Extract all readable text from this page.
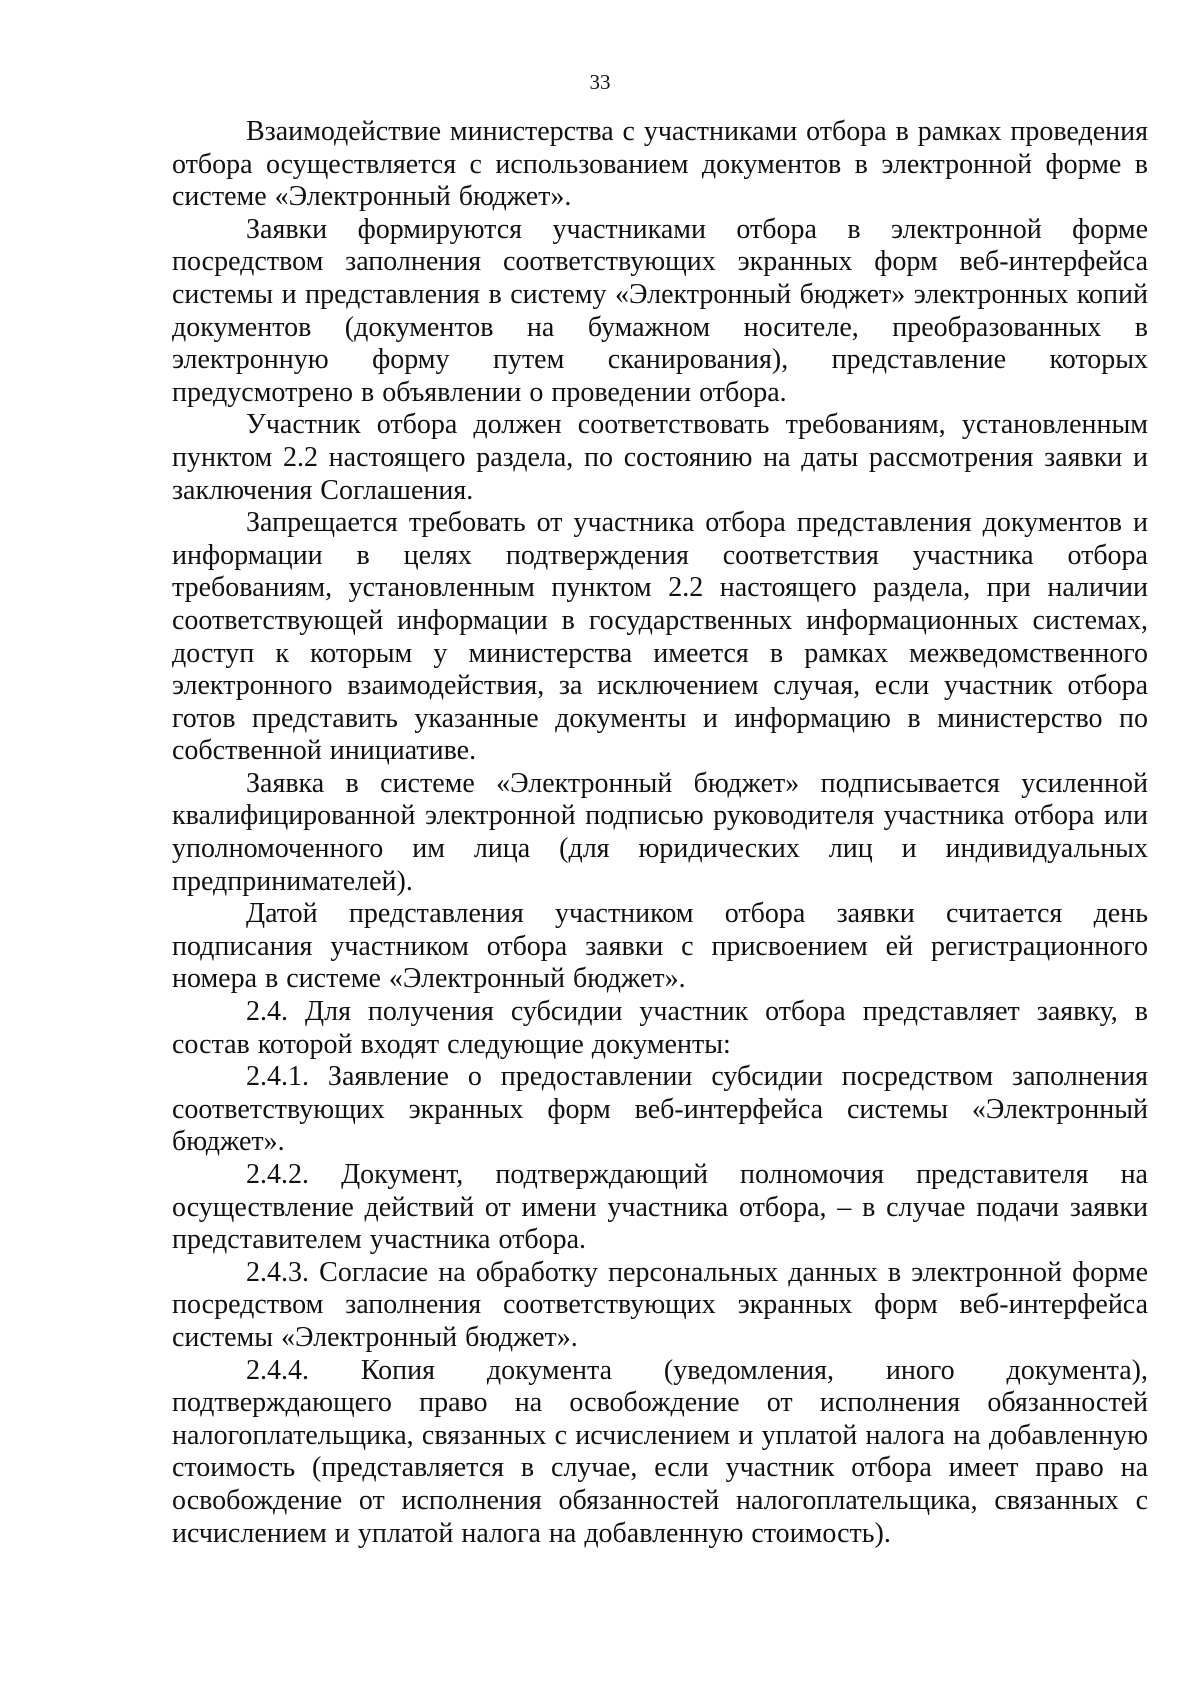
33

Взаимодействие министерства с участниками отбора в рамках проведения отбора осуществляется с использованием документов в электронной форме в системе «Электронный бюджет».

Заявки формируются участниками отбора в электронной форме посредством заполнения соответствующих экранных форм веб-интерфейса системы и представления в систему «Электронный бюджет» электронных копий документов (документов на бумажном носителе, преобразованных в электронную форму путем сканирования), представление которых предусмотрено в объявлении о проведении отбора.

Участник отбора должен соответствовать требованиям, установленным пунктом 2.2 настоящего раздела, по состоянию на даты рассмотрения заявки и заключения Соглашения.

Запрещается требовать от участника отбора представления документов и информации в целях подтверждения соответствия участника отбора требованиям, установленным пунктом 2.2 настоящего раздела, при наличии соответствующей информации в государственных информационных системах, доступ к которым у министерства имеется в рамках межведомственного электронного взаимодействия, за исключением случая, если участник отбора готов представить указанные документы и информацию в министерство по собственной инициативе.

Заявка в системе «Электронный бюджет» подписывается усиленной квалифицированной электронной подписью руководителя участника отбора или уполномоченного им лица (для юридических лиц и индивидуальных предпринимателей).

Датой представления участником отбора заявки считается день подписания участником отбора заявки с присвоением ей регистрационного номера в системе «Электронный бюджет».

2.4. Для получения субсидии участник отбора представляет заявку, в состав которой входят следующие документы:

2.4.1. Заявление о предоставлении субсидии посредством заполнения соответствующих экранных форм веб-интерфейса системы «Электронный бюджет».

2.4.2. Документ, подтверждающий полномочия представителя на осуществление действий от имени участника отбора, – в случае подачи заявки представителем участника отбора.

2.4.3. Согласие на обработку персональных данных в электронной форме посредством заполнения соответствующих экранных форм веб-интерфейса системы «Электронный бюджет».

2.4.4. Копия документа (уведомления, иного документа), подтверждающего право на освобождение от исполнения обязанностей налогоплательщика, связанных с исчислением и уплатой налога на добавленную стоимость (представляется в случае, если участник отбора имеет право на освобождение от исполнения обязанностей налогоплательщика, связанных с исчислением и уплатой налога на добавленную стоимость).
